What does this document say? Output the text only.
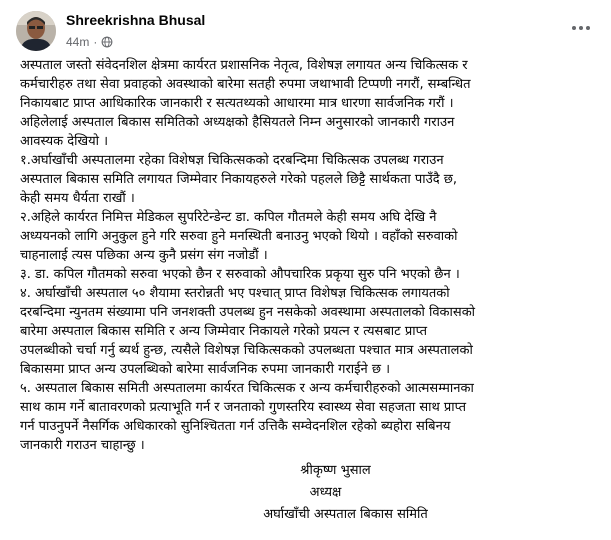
Shreekrishna Bhusal
44m ·

अस्पताल जस्तो संवेदनशिल क्षेत्रमा कार्यरत प्रशासनिक नेतृत्व, विशेषज्ञ लगायत अन्य चिकित्सक र

कर्मचारीहरु तथा सेवा प्रवाहको अवस्थाको बारेमा सतही रुपमा जथाभावी टिप्पणी नगरौं, सम्बन्धित

निकायबाट प्राप्त आधिकारिक जानकारी र सत्यतथ्यको आधारमा मात्र धारणा सार्वजनिक गरौं ।

अहिलेलाई अस्पताल बिकास समितिको अध्यक्षको हैसियतले निम्न अनुसारको जानकारी गराउन

आवस्यक देखियो ।

१.अर्घाखाँची अस्पतालमा रहेका विशेषज्ञ चिकित्सकको दरबन्दिमा चिकित्सक उपलब्ध गराउन

अस्पताल बिकास समिति लगायत जिम्मेवार निकायहरुले गरेको पहलले छिट्टै सार्थकता पाउँदै छ,

केही समय धैर्यता राखौं ।

२.अहिले कार्यरत निमित्त मेडिकल सुपरिटेन्डेन्ट डा. कपिल गौतमले केही समय अघि देखि नै

अध्ययनको लागि अनुकुल हुने गरि सरुवा हुने मनस्थिती बनाउनु भएको थियो । वहाँको सरुवाको

चाहनालाई त्यस पछिका अन्य कुनै प्रसंग संग नजोडौं ।

३. डा. कपिल गौतमको सरुवा भएको छैन र सरुवाको औपचारिक प्रकृया सुरु पनि भएको छैन ।

४. अर्घाखाँची अस्पताल ५० शैयामा स्तरोन्नती भए पश्चात् प्राप्त विशेषज्ञ चिकित्सक लगायतको

दरबन्दिमा न्युनतम संख्यामा पनि जनशक्ती उपलब्ध हुन नसकेको अवस्थामा अस्पतालको विकासको

बारेमा अस्पताल बिकास समिति र अन्य जिम्मेवार निकायले गरेको प्रयत्न र त्यसबाट प्राप्त

उपलब्धीको चर्चा गर्नु ब्यर्थ हुन्छ, त्यसैले विशेषज्ञ चिकित्सकको उपलब्धता पश्चात मात्र अस्पतालको

बिकासमा प्राप्त अन्य उपलब्धिको बारेमा सार्वजनिक रुपमा जानकारी गराईने छ ।

५. अस्पताल बिकास समिती अस्पतालमा कार्यरत चिकित्सक र अन्य कर्मचारीहरुको आत्मसम्मानका

साथ काम गर्ने बातावरणको प्रत्याभूति गर्न र जनताको गुणस्तरिय स्वास्थ्य सेवा सहजता साथ प्राप्त

गर्न पाउनुपर्ने नैसर्गिक अधिकारको सुनिश्चितता गर्न उत्तिकै सम्वेदनशिल रहेको ब्यहोरा सबिनय

जानकारी गराउन चाहान्छु ।

श्रीकृष्ण भुसाल
अध्यक्ष
अर्घाखाँची अस्पताल बिकास समिति
